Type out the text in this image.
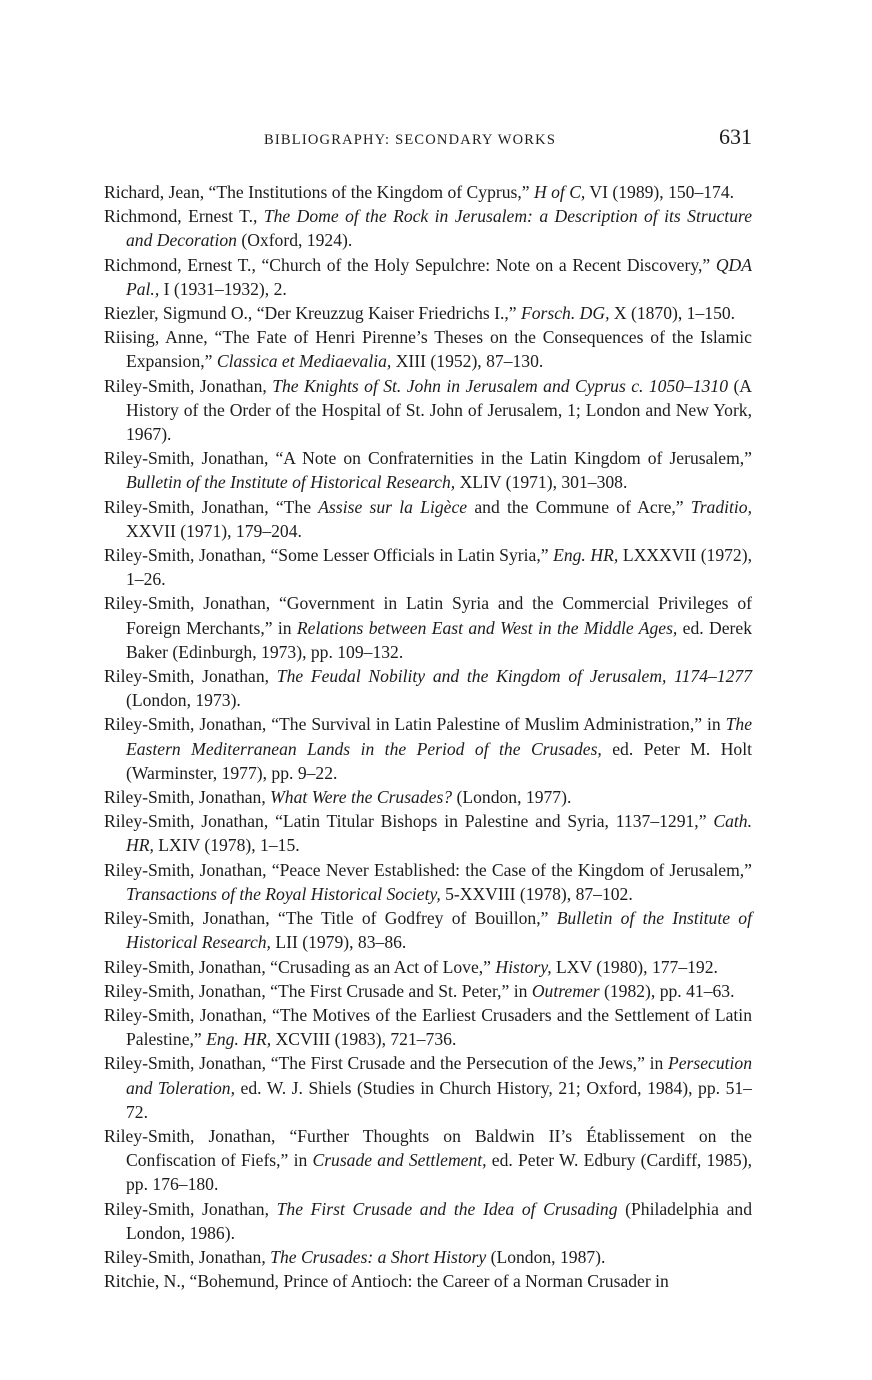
BIBLIOGRAPHY: SECONDARY WORKS	631

Richard, Jean, “The Institutions of the Kingdom of Cyprus,” H of C, VI (1989), 150–174.

Richmond, Ernest T., The Dome of the Rock in Jerusalem: a Description of its Structure and Decoration (Oxford, 1924).

Richmond, Ernest T., “Church of the Holy Sepulchre: Note on a Recent Discovery,” QDA Pal., I (1931–1932), 2.

Riezler, Sigmund O., “Der Kreuzzug Kaiser Friedrichs I.,” Forsch. DG, X (1870), 1–150.

Riising, Anne, “The Fate of Henri Pirenne’s Theses on the Consequences of the Islamic Expansion,” Classica et Mediaevalia, XIII (1952), 87–130.

Riley-Smith, Jonathan, The Knights of St. John in Jerusalem and Cyprus c. 1050–1310 (A History of the Order of the Hospital of St. John of Jerusalem, 1; London and New York, 1967).

Riley-Smith, Jonathan, “A Note on Confraternities in the Latin Kingdom of Jerusalem,” Bulletin of the Institute of Historical Research, XLIV (1971), 301–308.

Riley-Smith, Jonathan, “The Assise sur la Ligèce and the Commune of Acre,” Traditio, XXVII (1971), 179–204.

Riley-Smith, Jonathan, “Some Lesser Officials in Latin Syria,” Eng. HR, LXXXVII (1972), 1–26.

Riley-Smith, Jonathan, “Government in Latin Syria and the Commercial Privileges of Foreign Merchants,” in Relations between East and West in the Middle Ages, ed. Derek Baker (Edinburgh, 1973), pp. 109–132.

Riley-Smith, Jonathan, The Feudal Nobility and the Kingdom of Jerusalem, 1174–1277 (London, 1973).

Riley-Smith, Jonathan, “The Survival in Latin Palestine of Muslim Administration,” in The Eastern Mediterranean Lands in the Period of the Crusades, ed. Peter M. Holt (Warminster, 1977), pp. 9–22.

Riley-Smith, Jonathan, What Were the Crusades? (London, 1977).

Riley-Smith, Jonathan, “Latin Titular Bishops in Palestine and Syria, 1137–1291,” Cath. HR, LXIV (1978), 1–15.

Riley-Smith, Jonathan, “Peace Never Established: the Case of the Kingdom of Jerusalem,” Transactions of the Royal Historical Society, 5-XXVIII (1978), 87–102.

Riley-Smith, Jonathan, “The Title of Godfrey of Bouillon,” Bulletin of the Institute of Historical Research, LII (1979), 83–86.

Riley-Smith, Jonathan, “Crusading as an Act of Love,” History, LXV (1980), 177–192.

Riley-Smith, Jonathan, “The First Crusade and St. Peter,” in Outremer (1982), pp. 41–63.

Riley-Smith, Jonathan, “The Motives of the Earliest Crusaders and the Settlement of Latin Palestine,” Eng. HR, XCVIII (1983), 721–736.

Riley-Smith, Jonathan, “The First Crusade and the Persecution of the Jews,” in Persecution and Toleration, ed. W. J. Shiels (Studies in Church History, 21; Oxford, 1984), pp. 51–72.

Riley-Smith, Jonathan, “Further Thoughts on Baldwin II’s Établissement on the Confiscation of Fiefs,” in Crusade and Settlement, ed. Peter W. Edbury (Cardiff, 1985), pp. 176–180.

Riley-Smith, Jonathan, The First Crusade and the Idea of Crusading (Philadelphia and London, 1986).

Riley-Smith, Jonathan, The Crusades: a Short History (London, 1987).

Ritchie, N., “Bohemund, Prince of Antioch: the Career of a Norman Crusader in
